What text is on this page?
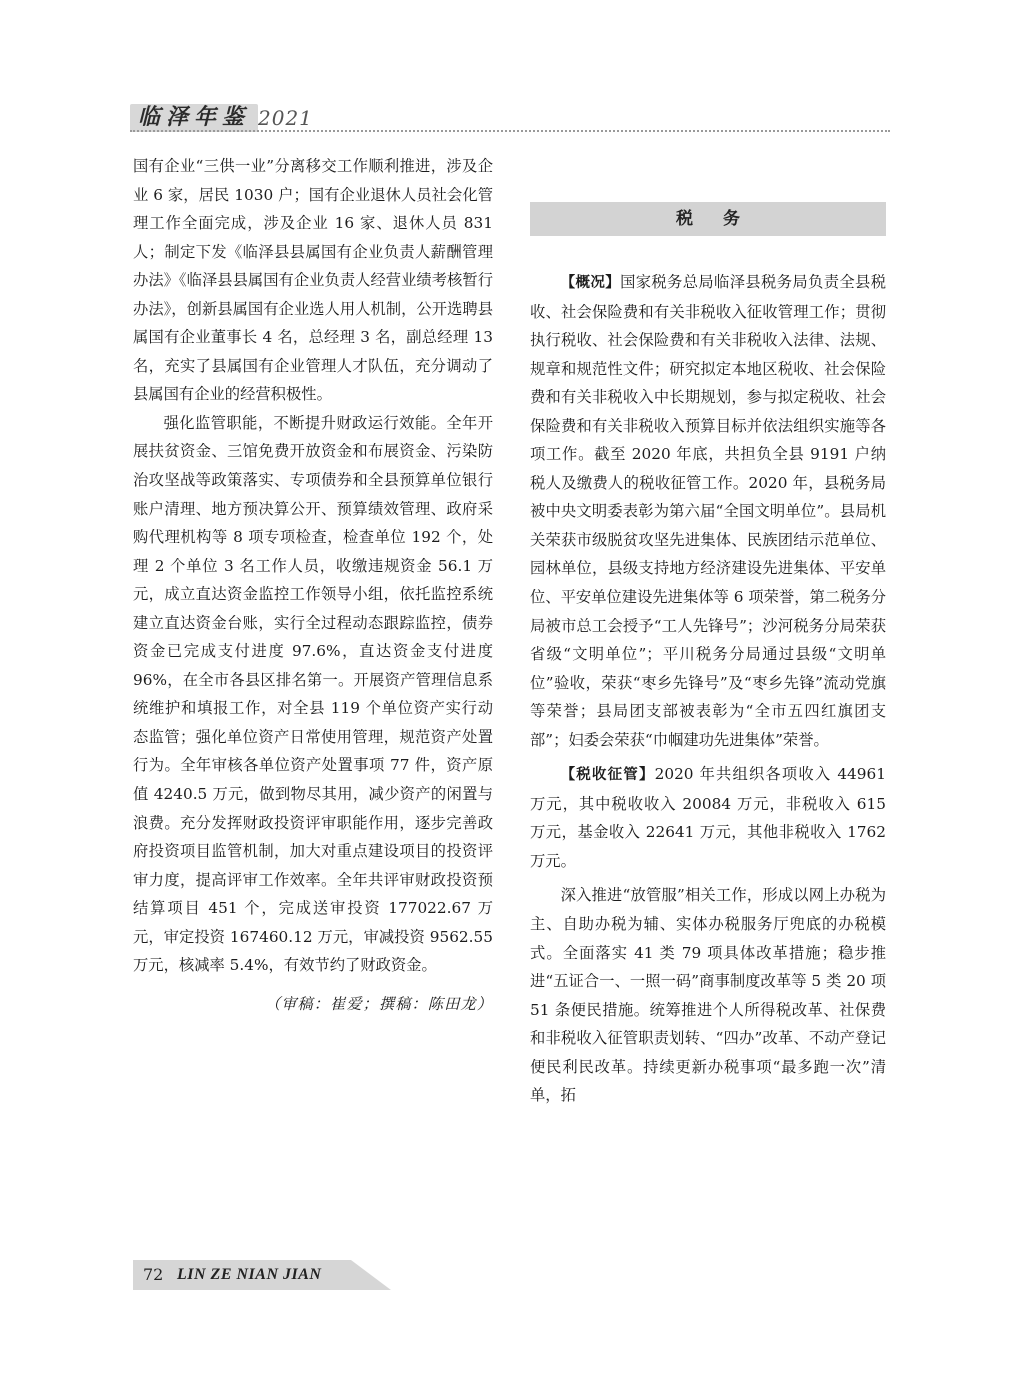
临泽年鉴 2021

国有企业“三供一业”分离移交工作顺利推进，涉及企业 6 家，居民 1030 户；国有企业退休人员社会化管理工作全面完成，涉及企业 16 家、退休人员 831 人；制定下发《临泽县县属国有企业负责人薪酬管理办法》《临泽县县属国有企业负责人经营业绩考核暂行办法》，创新县属国有企业选人用人机制，公开选聘县属国有企业董事长 4 名，总经理 3 名，副总经理 13 名，充实了县属国有企业管理人才队伍，充分调动了县属国有企业的经营积极性。

强化监管职能，不断提升财政运行效能。全年开展扶贫资金、三馆免费开放资金和布展资金、污染防治攻坚战等政策落实、专项债券和全县预算单位银行账户清理、地方预决算公开、预算绩效管理、政府采购代理机构等 8 项专项检查，检查单位 192 个，处理 2 个单位 3 名工作人员，收缴违规资金 56.1 万元，成立直达资金监控工作领导小组，依托监控系统建立直达资金台账，实行全过程动态跟踪监控，债券资金已完成支付进度 97.6%，直达资金支付进度 96%，在全市各县区排名第一。开展资产管理信息系统维护和填报工作，对全县 119 个单位资产实行动态监管；强化单位资产日常使用管理，规范资产处置行为。全年审核各单位资产处置事项 77 件，资产原值 4240.5 万元，做到物尽其用，减少资产的闲置与浪费。充分发挥财政投资评审职能作用，逐步完善政府投资项目监管机制，加大对重点建设项目的投资评审力度，提高评审工作效率。全年共评审财政投资预结算项目 451 个，完成送审投资 177022.67 万元，审定投资 167460.12 万元，审减投资 9562.55 万元，核减率 5.4%，有效节约了财政资金。

（审稿：崔爱；撰稿：陈田龙）

税务

【概况】国家税务总局临泽县税务局负责全县税收、社会保险费和有关非税收入征收管理工作；贯彻执行税收、社会保险费和有关非税收入法律、法规、规章和规范性文件；研究拟定本地区税收、社会保险费和有关非税收入中长期规划，参与拟定税收、社会保险费和有关非税收入预算目标并依法组织实施等各项工作。截至 2020 年底，共担负全县 9191 户纳税人及缴费人的税收征管工作。2020 年，县税务局被中央文明委表彰为第六届“全国文明单位”。县局机关荣获市级脱贫攻坚先进集体、民族团结示范单位、园林单位，县级支持地方经济建设先进集体、平安单位、平安单位建设先进集体等 6 项荣誉，第二税务分局被市总工会授予“工人先锋号”；沙河税务分局荣获省级“文明单位”；平川税务分局通过县级“文明单位”验收，荣获“枣乡先锋号”及“枣乡先锋”流动党旗等荣誉；县局团支部被表彰为“全市五四红旗团支部”；妇委会荣获“巾帼建功先进集体”荣誉。

【税收征管】2020 年共组织各项收入 44961 万元，其中税收收入 20084 万元，非税收入 615 万元，基金收入 22641 万元，其他非税收入 1762 万元。

深入推进“放管服”相关工作，形成以网上办税为主、自助办税为辅、实体办税服务厅兜底的办税模式。全面落实 41 类 79 项具体改革措施；稳步推进“五证合一、一照一码”商事制度改革等 5 类 20 项 51 条便民措施。统筹推进个人所得税改革、社保费和非税收入征管职责划转、“四办”改革、不动产登记便民利民改革。持续更新办税事项“最多跑一次”清单，拓

72 LIN ZE NIAN JIAN
